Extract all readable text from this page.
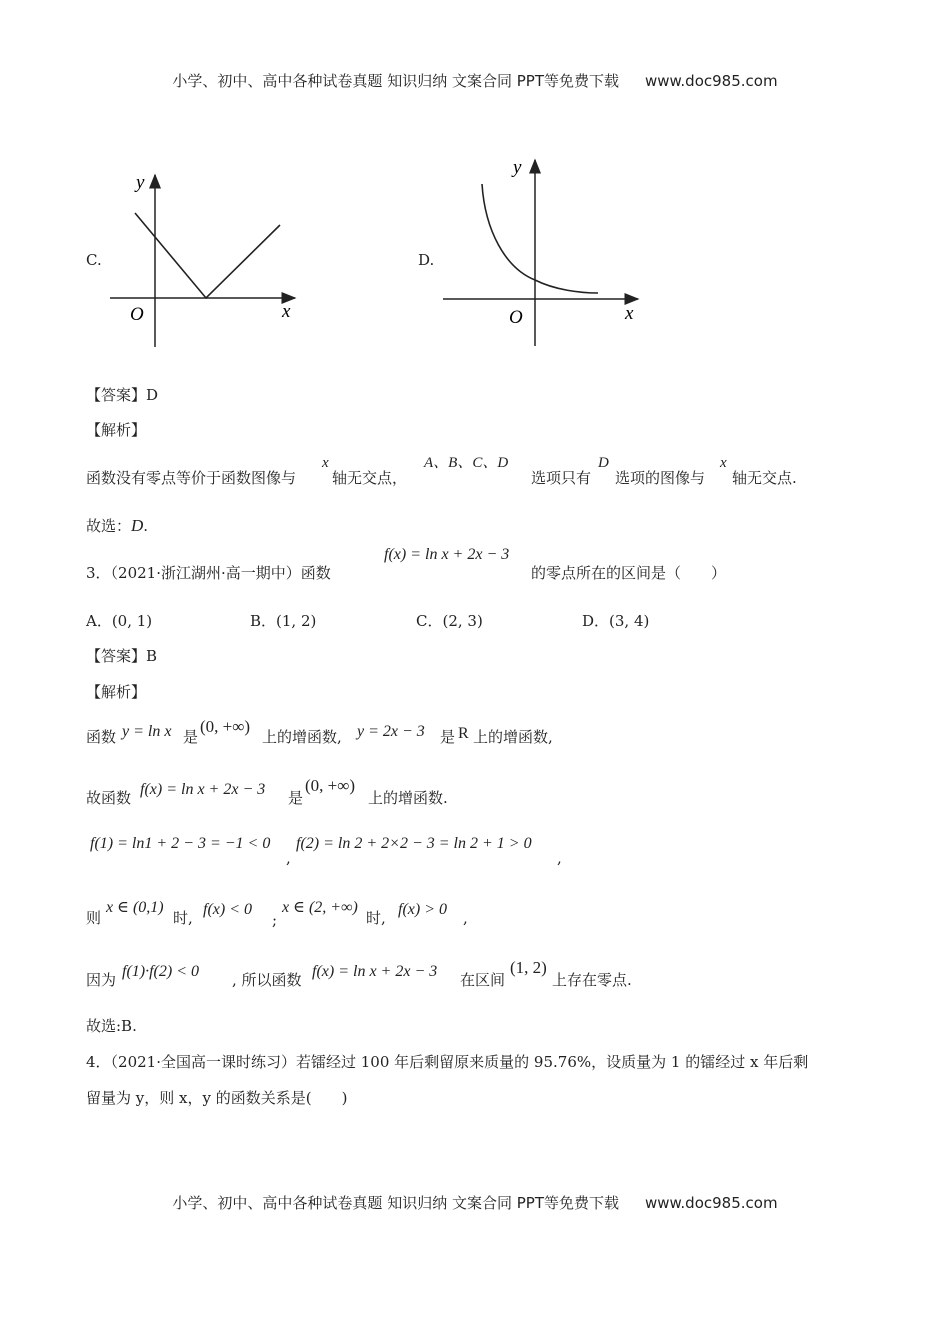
小学、初中、高中各种试卷真题 知识归纳 文案合同 PPT等免费下载 www.doc985.com
C.
y
O	x
D.
y
O	x
【答案】D
【解析】
函数没有零点等价于函数图像与
x
轴无交点，
A、B、C、D
选项只有
D
选项的图像与
x
轴无交点.
故选：D.
3．（2021·浙江湖州·高一期中）函数
f(x) = ln x + 2x − 3
的零点所在的区间是（　　）
A．(0, 1)	B．(1, 2)	C．(2, 3)	D．(3, 4)
【答案】B
【解析】
函数 y = ln x 是
(0, +∞)
上的增函数, y = 2x − 3 是 R 上的增函数,
故函数 f(x) = ln x + 2x − 3 是
(0, +∞)
上的增函数.
f(1) = ln1 + 2 − 3 = −1 < 0
,
f(2) = ln 2 + 2×2 − 3 = ln 2 + 1 > 0
,
则
x ∈ (0,1)
时, f(x) < 0
;
x ∈ (2, +∞)
时, f(x) > 0 ,
因为 f(1)·f(2) < 0 , 所以函数 f(x) = ln x + 2x − 3 在区间
(1, 2)
上存在零点.
故选:B.
4．（2021·全国高一课时练习）若镭经过 100 年后剩留原来质量的 95.76%，设质量为 1 的镭经过 x 年后剩
留量为 y，则 x，y 的函数关系是(　　)
小学、初中、高中各种试卷真题 知识归纳 文案合同 PPT等免费下载 www.doc985.com
